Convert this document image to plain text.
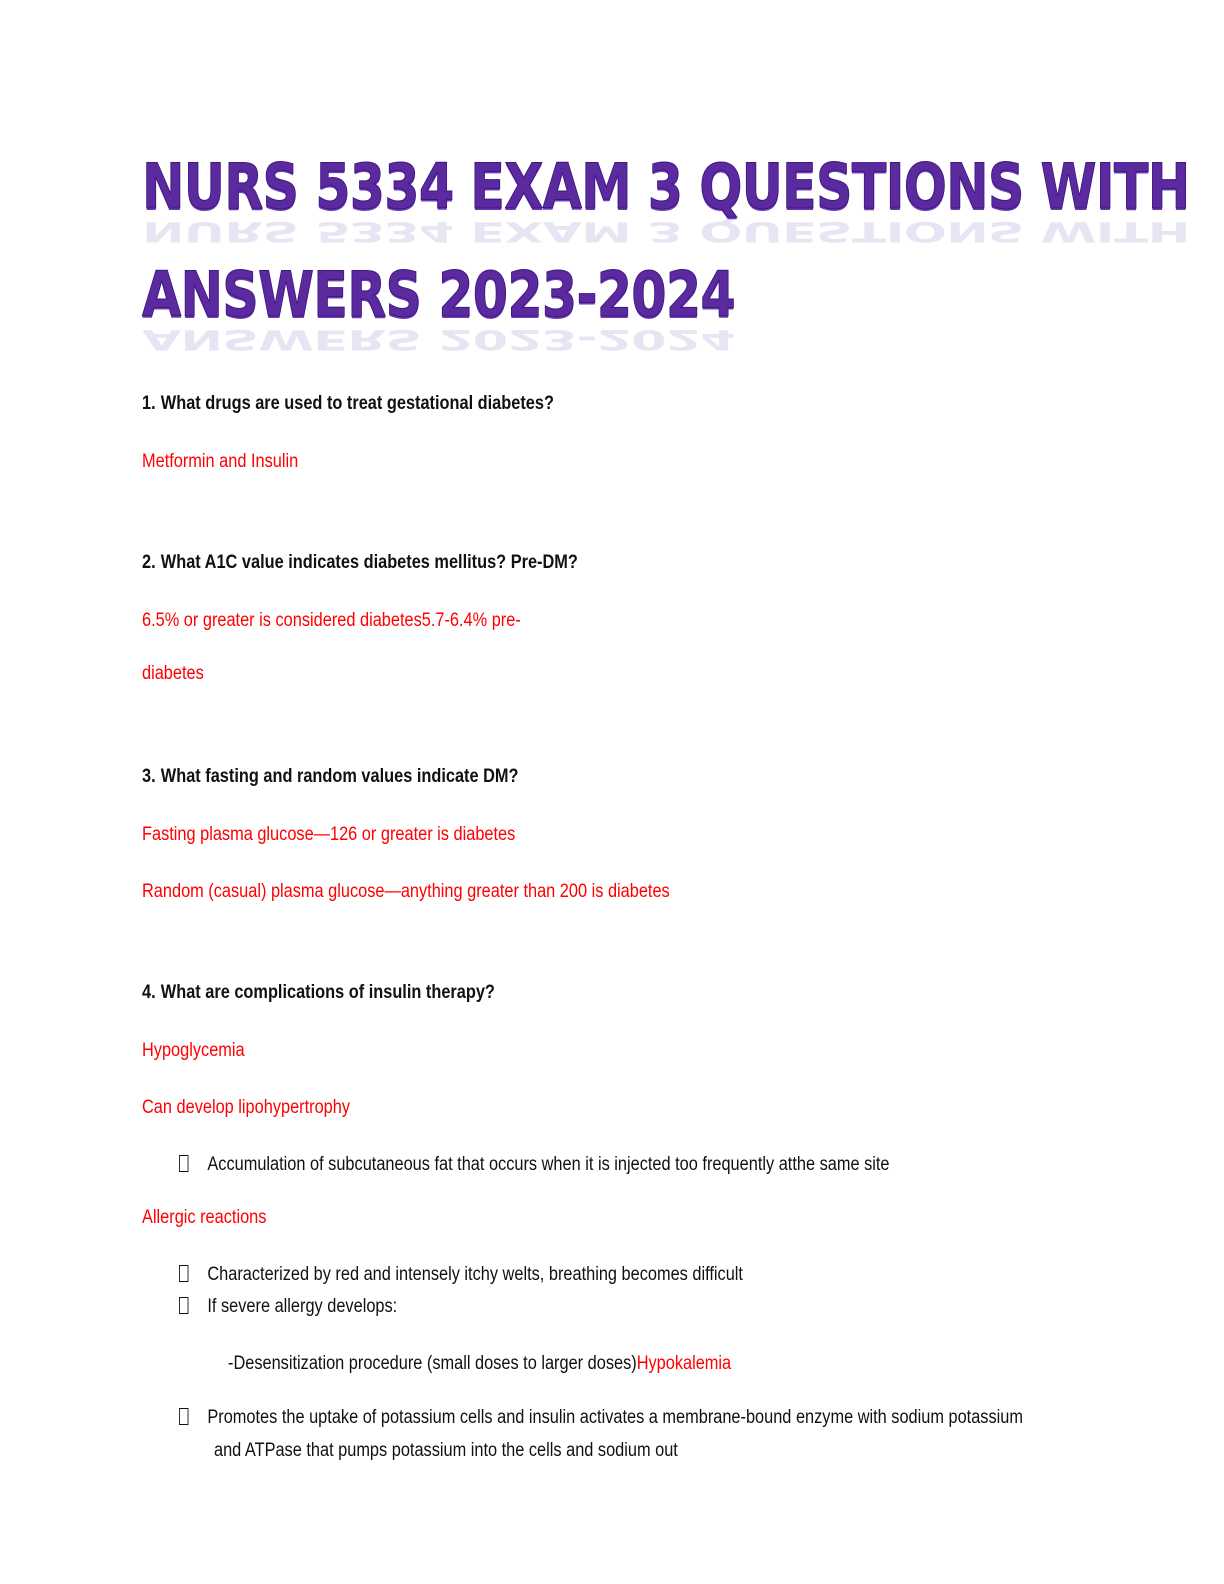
NURS 5334 EXAM 3 QUESTIONS WITH
NURS 5334 EXAM 3 QUESTIONS WITH
ANSWERS 2023-2024
ANSWERS 2023-2024
1. What drugs are used to treat gestational diabetes?
Metformin and Insulin
2. What A1C value indicates diabetes mellitus? Pre-DM?
6.5% or greater is considered diabetes5.7-6.4% pre-
diabetes
3. What fasting and random values indicate DM?
Fasting plasma glucose—126 or greater is diabetes
Random (casual) plasma glucose—anything greater than 200 is diabetes
4. What are complications of insulin therapy?
Hypoglycemia
Can develop lipohypertrophy
Accumulation of subcutaneous fat that occurs when it is injected too frequently atthe same site
Allergic reactions
Characterized by red and intensely itchy welts, breathing becomes difficult
If severe allergy develops:
-Desensitization procedure (small doses to larger doses)Hypokalemia
Promotes the uptake of potassium cells and insulin activates a membrane-bound enzyme with sodium potassium
and ATPase that pumps potassium into the cells and sodium out
